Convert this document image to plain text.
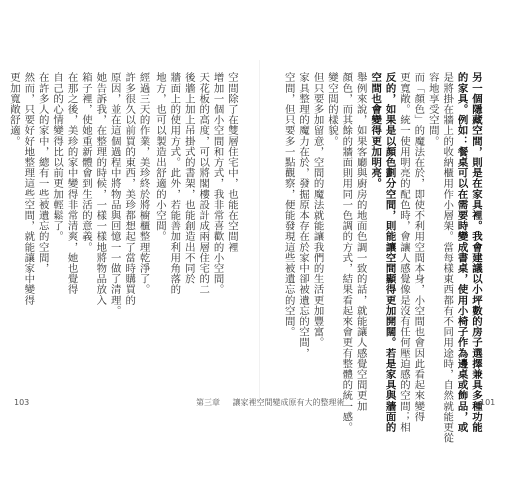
另一個隱藏空間，則是在家具裡。我會建議以小坪數的房子選擇兼具多種功能
的家具。例如：餐桌可以在需要時變成書桌，使用小椅子作為邊桌或飾品，或
是將掛在牆上的收納櫃用作小層架。當每樣東西都有不同用途時，自然就能更從
容地享受空間。
而「顏色」的魔法在於，即使不利用空間本身，小空間也會因此看起來變得
更寬敞。統一使用明亮的配色時，會讓人感覺像是沒有任何壓迫感的空間；相
反的，如果是以顏色劃分空間，則能讓空間顯得更加開闊。若是家具與牆面的
空間也會變得更加明亮。
舉例來說，如果客廳與廚房的地面色調一致的話，就能讓人感覺空間更加
顏色，而其餘的牆面則用同一色調的方式，結果看起來會更有整體的統一感。
變空間的樣貌。
但只要多加留意，空間的魔法就能讓我們的生活更加豐富。
家具整理的魔力在於，發掘原本存在於家中卻被遺忘的空間，
空間，但只要多一點觀察，便能發現這些被遺忘的空間。
空間除了在雙層住宅中，也能在空間裡
增加一個小空間和方式，我非常喜歡的小空間。
天花板的高度，可以將閣樓設計成兩層住宅的二
後牆上加上吊掛式的書架，也能創造出不同於
牆面上的使用方式。此外，若能善加利用角落的
地方，也可以製造出舒適的小空間。
經過三天的作業，美珍終於將櫥櫃整理乾淨了。
許多很久以前買的東西，美珍都想起了當時購買的
原因，並在這個過程中將物品與回憶一一做了清理。
她告訴我，在整理的時候，一樣一樣地將物品放入
箱子裡，使她重新體會到生活的意義。
在那之後，美珍的家中變得非常清爽，她也覺得
自己的心情變得比以前更加輕鬆了。
在許多人的家中，總有一些被遺忘的空間，
然而，只要好好地整理這些空間，就能讓家中變得
更加寬敞舒適。
103	第三章 讓家裡空間變成原有大的整理術	101
